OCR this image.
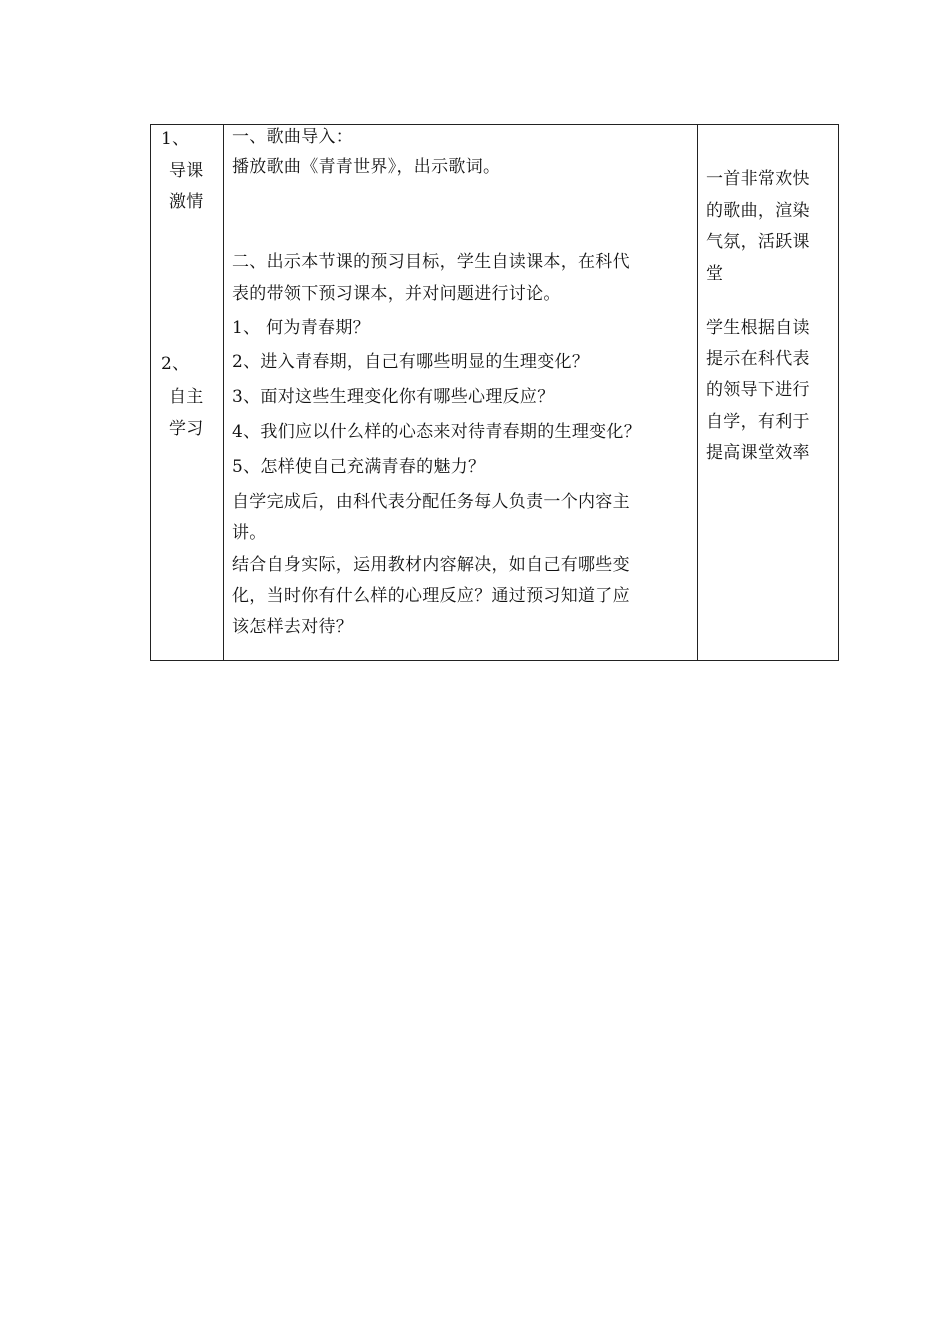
1、
导课
激情
2、
自主
学习
一、歌曲导入：
播放歌曲《青青世界》，出示歌词。
二、出示本节课的预习目标，学生自读课本，在科代
表的带领下预习课本，并对问题进行讨论。
1、 何为青春期？
2、进入青春期，自己有哪些明显的生理变化？
3、面对这些生理变化你有哪些心理反应？
4、我们应以什么样的心态来对待青春期的生理变化？
5、怎样使自己充满青春的魅力？
自学完成后，由科代表分配任务每人负责一个内容主
讲。
结合自身实际，运用教材内容解决，如自己有哪些变
化，当时你有什么样的心理反应？通过预习知道了应
该怎样去对待？
一首非常欢快
的歌曲，渲染
气氛，活跃课
堂
学生根据自读
提示在科代表
的领导下进行
自学，有利于
提高课堂效率
